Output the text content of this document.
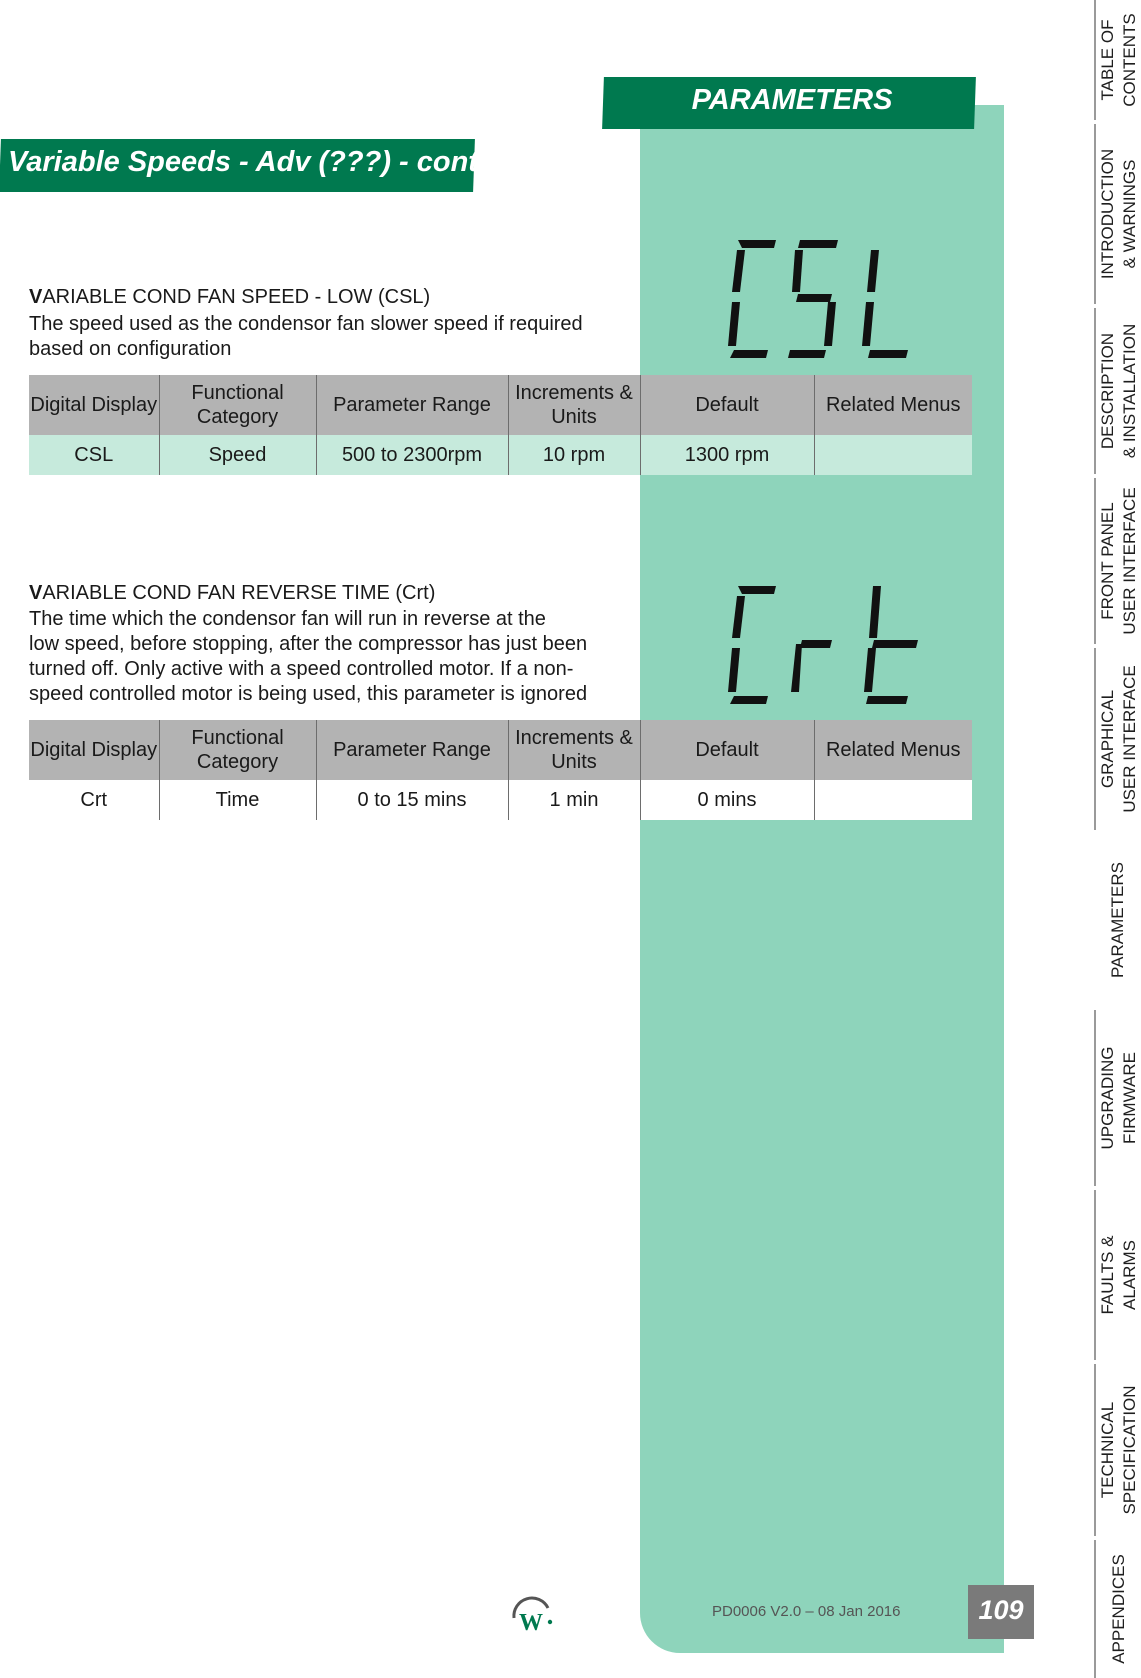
PARAMETERS
Variable Speeds - Adv (???) - cont
VARIABLE COND FAN SPEED - LOW (CSL)
The speed used as the condensor fan slower speed if required
based on configuration
Digital Display	Functional Category	Parameter Range	Increments & Units	Default	Related Menus
CSL	Speed	500 to 2300rpm	10 rpm	1300 rpm	
VARIABLE COND FAN REVERSE TIME (Crt)
The time which the condensor fan will run in reverse at the
low speed, before stopping, after the compressor has just been
turned off. Only active with a speed controlled motor. If a non-
speed controlled motor is being used, this parameter is ignored
Digital Display	Functional Category	Parameter Range	Increments & Units	Default	Related Menus
Crt	Time	0 to 15 mins	1 min	0 mins	
TABLE OF CONTENTS
INTRODUCTION & WARNINGS
DESCRIPTION & INSTALLATION
FRONT PANEL USER INTERFACE
GRAPHICAL USER INTERFACE
PARAMETERS
UPGRADING FIRMWARE
FAULTS & ALARMS
TECHNICAL SPECIFICATION
APPENDICES
W	PD0006 V2.0 – 08 Jan 2016	109
